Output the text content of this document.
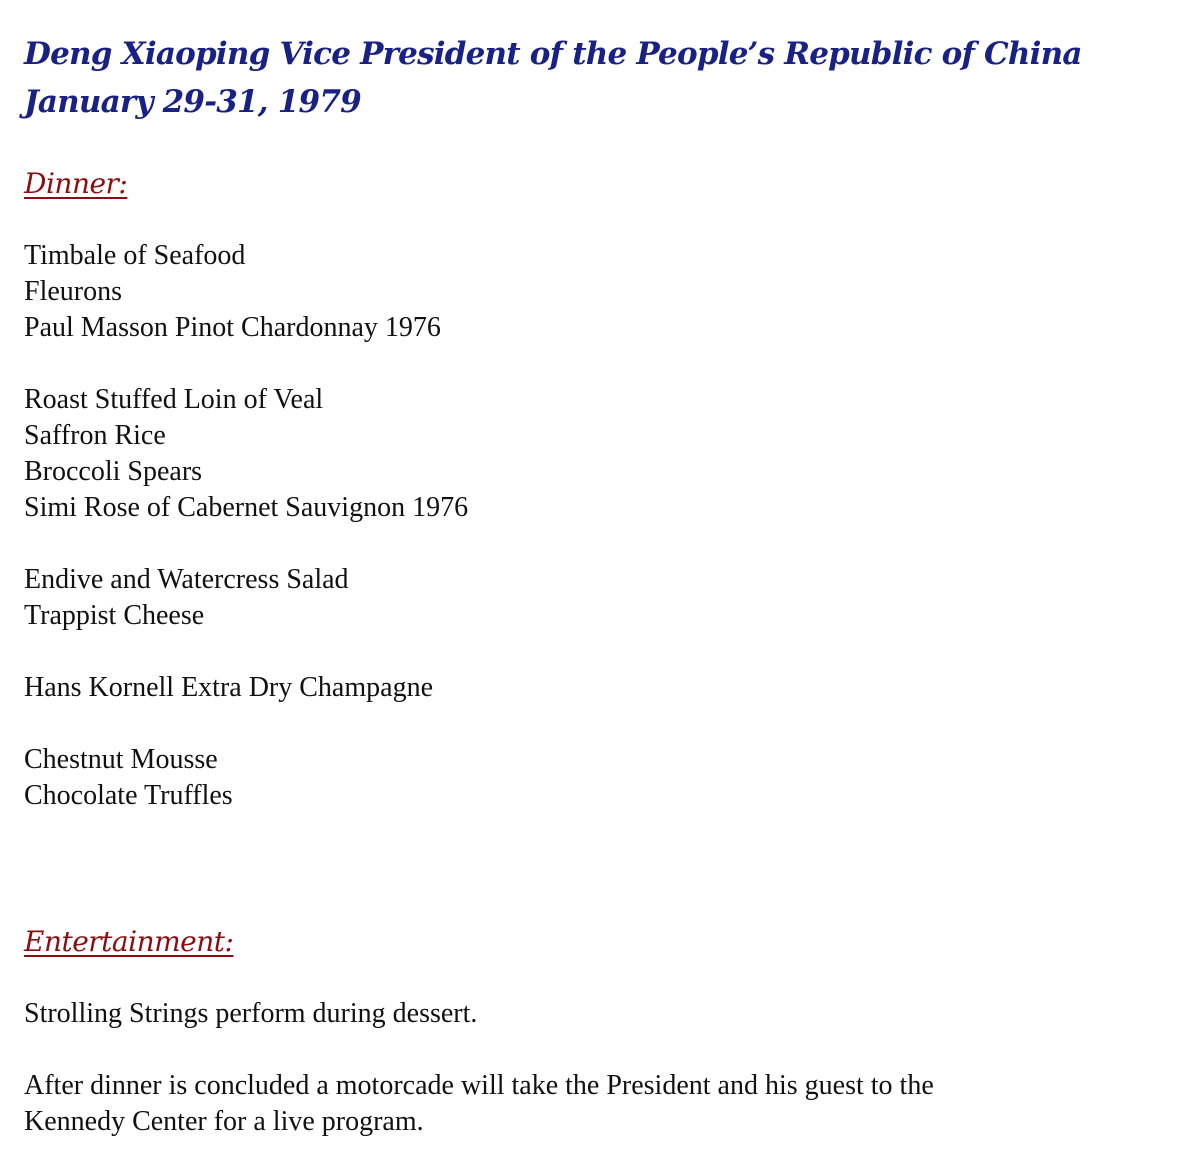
Deng Xiaoping Vice President of the People’s Republic of China

January 29-31, 1979

Dinner:

Timbale of Seafood

Fleurons

Paul Masson Pinot Chardonnay 1976

Roast Stuffed Loin of Veal

Saffron Rice

Broccoli Spears

Simi Rose of Cabernet Sauvignon 1976

Endive and Watercress Salad

Trappist Cheese

Hans Kornell Extra Dry Champagne

Chestnut Mousse

Chocolate Truffles

Entertainment:

Strolling Strings perform during dessert.

After dinner is concluded a motorcade will take the President and his guest to the Kennedy Center for a live program.
